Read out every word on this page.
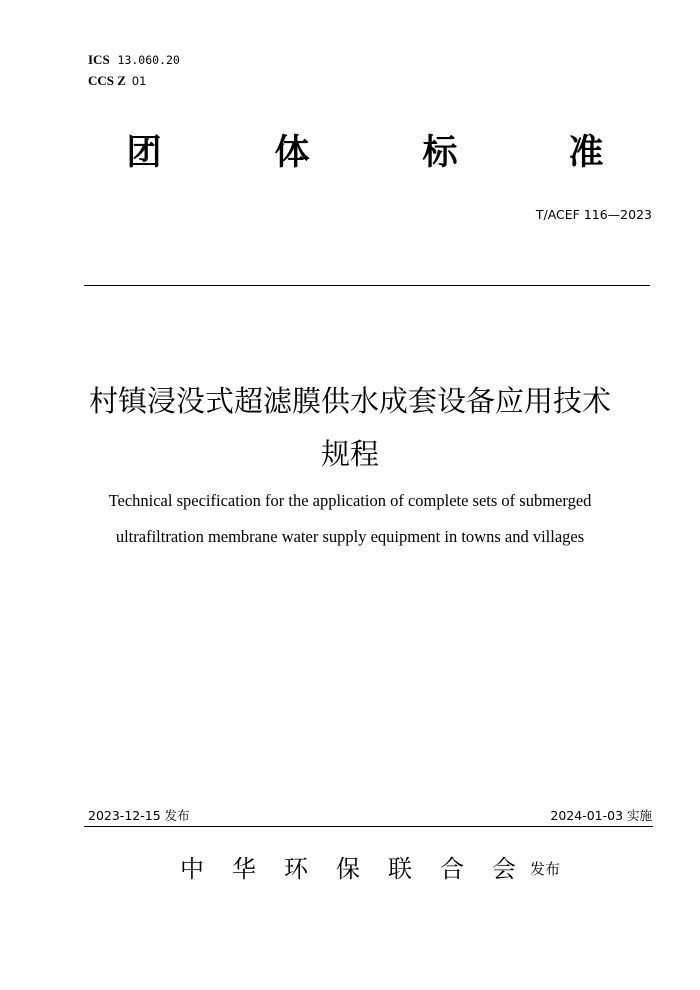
ICS 13.060.20
CCS Z 01
团	体	标	准
T/ACEF 116—2023
村镇浸没式超滤膜供水成套设备应用技术
规程
Technical specification for the application of complete sets of submerged
ultrafiltration membrane water supply equipment in towns and villages
2023-12-15 发布	2024-01-03 实施
中 华 环 保 联 合 会 发布
